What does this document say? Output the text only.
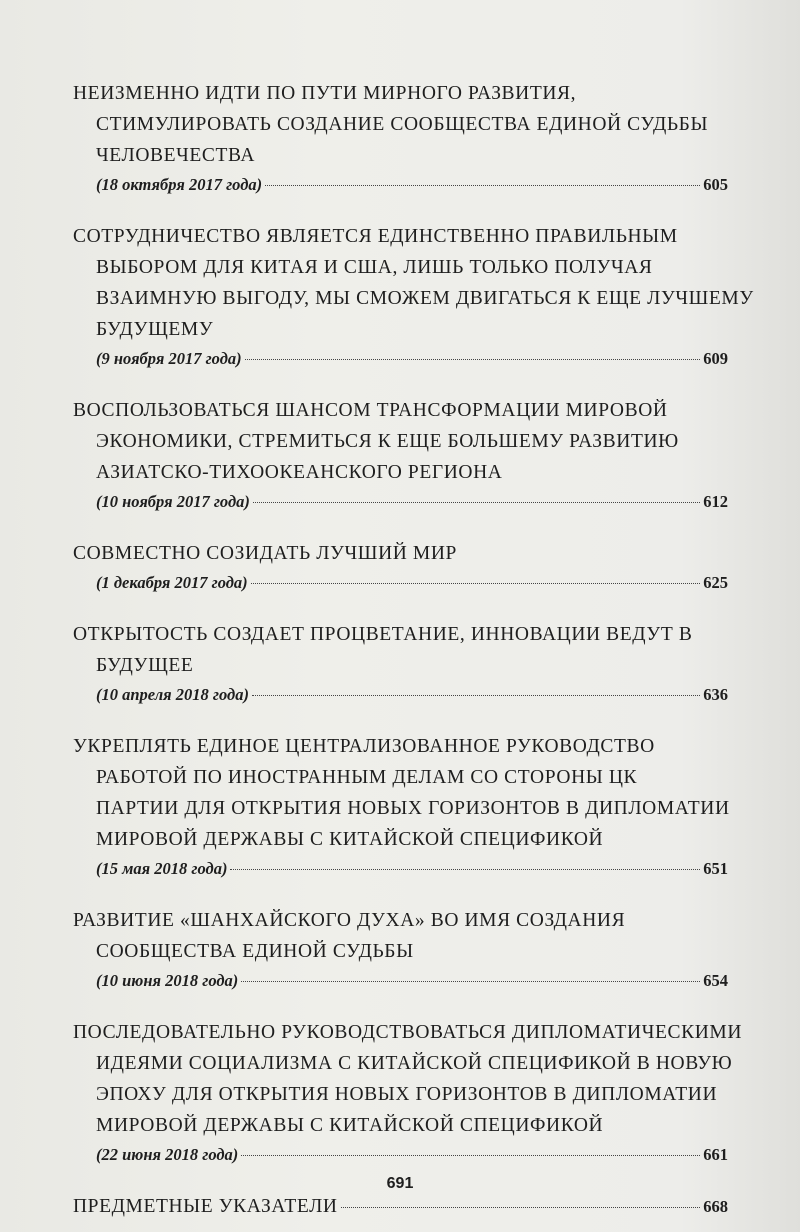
НЕИЗМЕННО ИДТИ ПО ПУТИ МИРНОГО РАЗВИТИЯ,
СТИМУЛИРОВАТЬ СОЗДАНИЕ СООБЩЕСТВА ЕДИНОЙ СУДЬБЫ
ЧЕЛОВЕЧЕСТВА
(18 октября 2017 года)	605
СОТРУДНИЧЕСТВО ЯВЛЯЕТСЯ ЕДИНСТВЕННО ПРАВИЛЬНЫМ
ВЫБОРОМ ДЛЯ КИТАЯ И США, ЛИШЬ ТОЛЬКО ПОЛУЧАЯ
ВЗАИМНУЮ ВЫГОДУ, МЫ СМОЖЕМ ДВИГАТЬСЯ К ЕЩЕ ЛУЧШЕМУ
БУДУЩЕМУ
(9 ноября 2017 года)	609
ВОСПОЛЬЗОВАТЬСЯ ШАНСОМ ТРАНСФОРМАЦИИ МИРОВОЙ
ЭКОНОМИКИ, СТРЕМИТЬСЯ К ЕЩЕ БОЛЬШЕМУ РАЗВИТИЮ
АЗИАТСКО-ТИХООКЕАНСКОГО РЕГИОНА
(10 ноября 2017 года)	612
СОВМЕСТНО СОЗИДАТЬ ЛУЧШИЙ МИР
(1 декабря 2017 года)	625
ОТКРЫТОСТЬ СОЗДАЕТ ПРОЦВЕТАНИЕ, ИННОВАЦИИ ВЕДУТ В
БУДУЩЕЕ
(10 апреля 2018 года)	636
УКРЕПЛЯТЬ ЕДИНОЕ ЦЕНТРАЛИЗОВАННОЕ РУКОВОДСТВО
РАБОТОЙ ПО ИНОСТРАННЫМ ДЕЛАМ СО СТОРОНЫ ЦК
ПАРТИИ ДЛЯ ОТКРЫТИЯ НОВЫХ ГОРИЗОНТОВ В ДИПЛОМАТИИ
МИРОВОЙ ДЕРЖАВЫ С КИТАЙСКОЙ СПЕЦИФИКОЙ
(15 мая 2018 года)	651
РАЗВИТИЕ «ШАНХАЙСКОГО ДУХА» ВО ИМЯ СОЗДАНИЯ
СООБЩЕСТВА ЕДИНОЙ СУДЬБЫ
(10 июня 2018 года)	654
ПОСЛЕДОВАТЕЛЬНО РУКОВОДСТВОВАТЬСЯ ДИПЛОМАТИЧЕСКИМИ
ИДЕЯМИ СОЦИАЛИЗМА С КИТАЙСКОЙ СПЕЦИФИКОЙ В НОВУЮ
ЭПОХУ ДЛЯ ОТКРЫТИЯ НОВЫХ ГОРИЗОНТОВ В ДИПЛОМАТИИ
МИРОВОЙ ДЕРЖАВЫ С КИТАЙСКОЙ СПЕЦИФИКОЙ
(22 июня 2018 года)	661
ПРЕДМЕТНЫЕ УКАЗАТЕЛИ	668
691
